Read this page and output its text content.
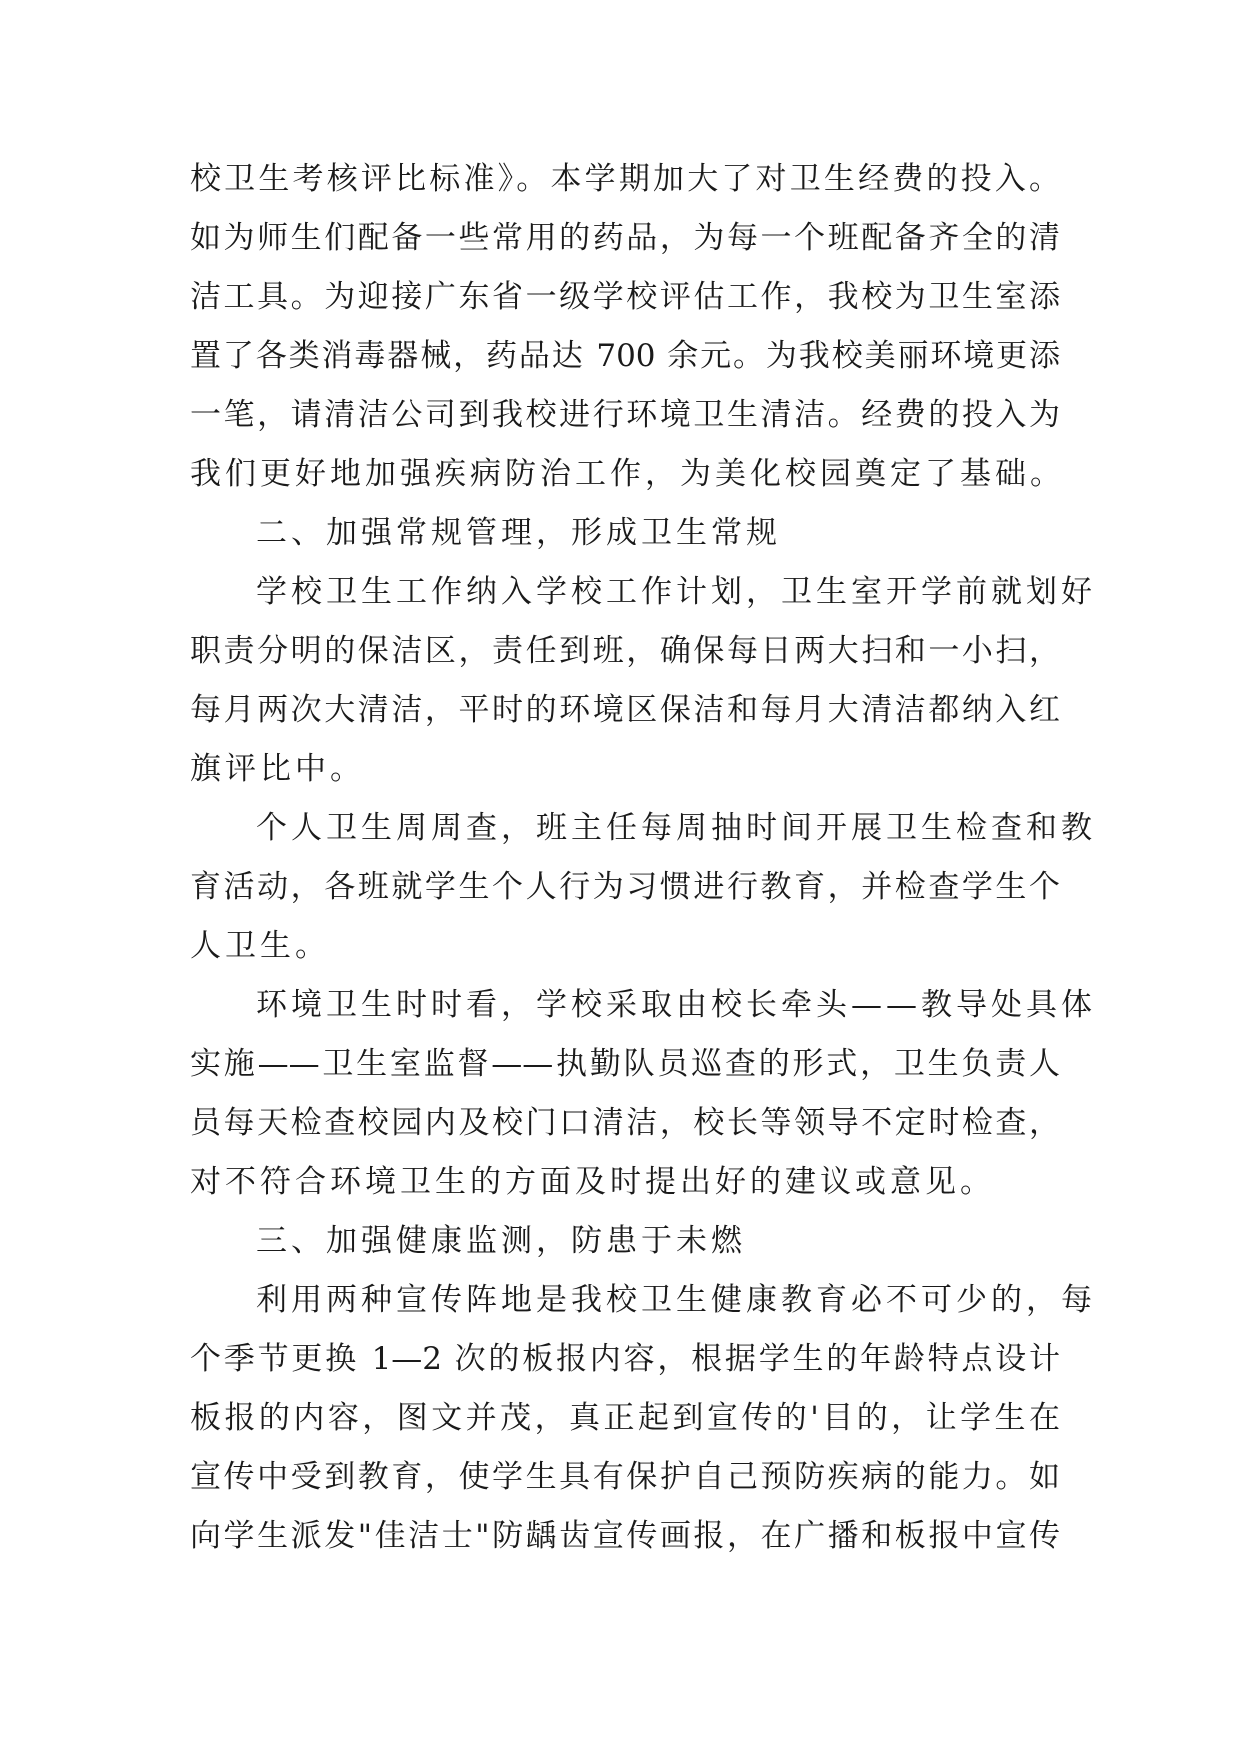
校卫生考核评比标准》。本学期加大了对卫生经费的投入。
如为师生们配备一些常用的药品，为每一个班配备齐全的清
洁工具。为迎接广东省一级学校评估工作，我校为卫生室添
置了各类消毒器械，药品达 700 余元。为我校美丽环境更添
一笔，请清洁公司到我校进行环境卫生清洁。经费的投入为
我们更好地加强疾病防治工作，为美化校园奠定了基础。
二、加强常规管理，形成卫生常规
学校卫生工作纳入学校工作计划，卫生室开学前就划好
职责分明的保洁区，责任到班，确保每日两大扫和一小扫，
每月两次大清洁，平时的环境区保洁和每月大清洁都纳入红
旗评比中。
个人卫生周周查，班主任每周抽时间开展卫生检查和教
育活动，各班就学生个人行为习惯进行教育，并检查学生个
人卫生。
环境卫生时时看，学校采取由校长牵头——教导处具体
实施——卫生室监督——执勤队员巡查的形式，卫生负责人
员每天检查校园内及校门口清洁，校长等领导不定时检查，
对不符合环境卫生的方面及时提出好的建议或意见。
三、加强健康监测，防患于未燃
利用两种宣传阵地是我校卫生健康教育必不可少的，每
个季节更换 1—2 次的板报内容，根据学生的年龄特点设计
板报的内容，图文并茂，真正起到宣传的'目的，让学生在
宣传中受到教育，使学生具有保护自己预防疾病的能力。如
向学生派发"佳洁士"防龋齿宣传画报，在广播和板报中宣传
